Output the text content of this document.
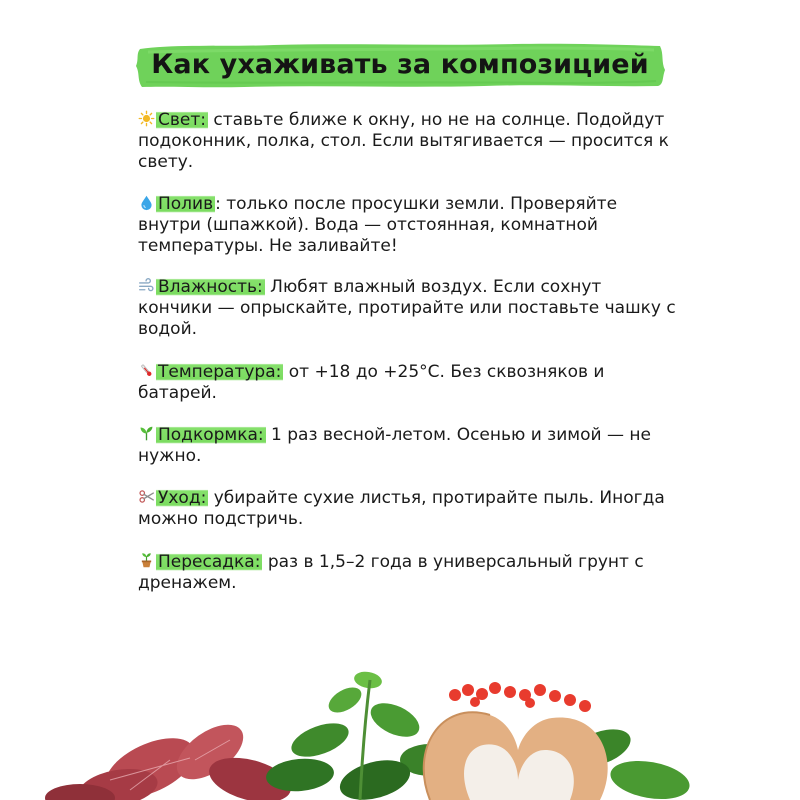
Как ухаживать за композицией
Свет: ставьте ближе к окну, но не на солнце. Подойдут подоконник, полка, стол. Если вытягивается — просится к свету.
Полив : только после просушки земли. Проверяйте внутри (шпажкой). Вода — отстоянная, комнатной температуры. Не заливайте!
Влажность: Любят влажный воздух. Если сохнут кончики — опрыскайте, протирайте или поставьте чашку с водой.
Температура: от +18 до +25°С. Без сквозняков и батарей.
Подкормка: 1 раз весной-летом. Осенью и зимой — не нужно.
Уход: убирайте сухие листья, протирайте пыль. Иногда можно подстричь.
Пересадка: раз в 1,5–2 года в универсальный грунт с дренажем.
